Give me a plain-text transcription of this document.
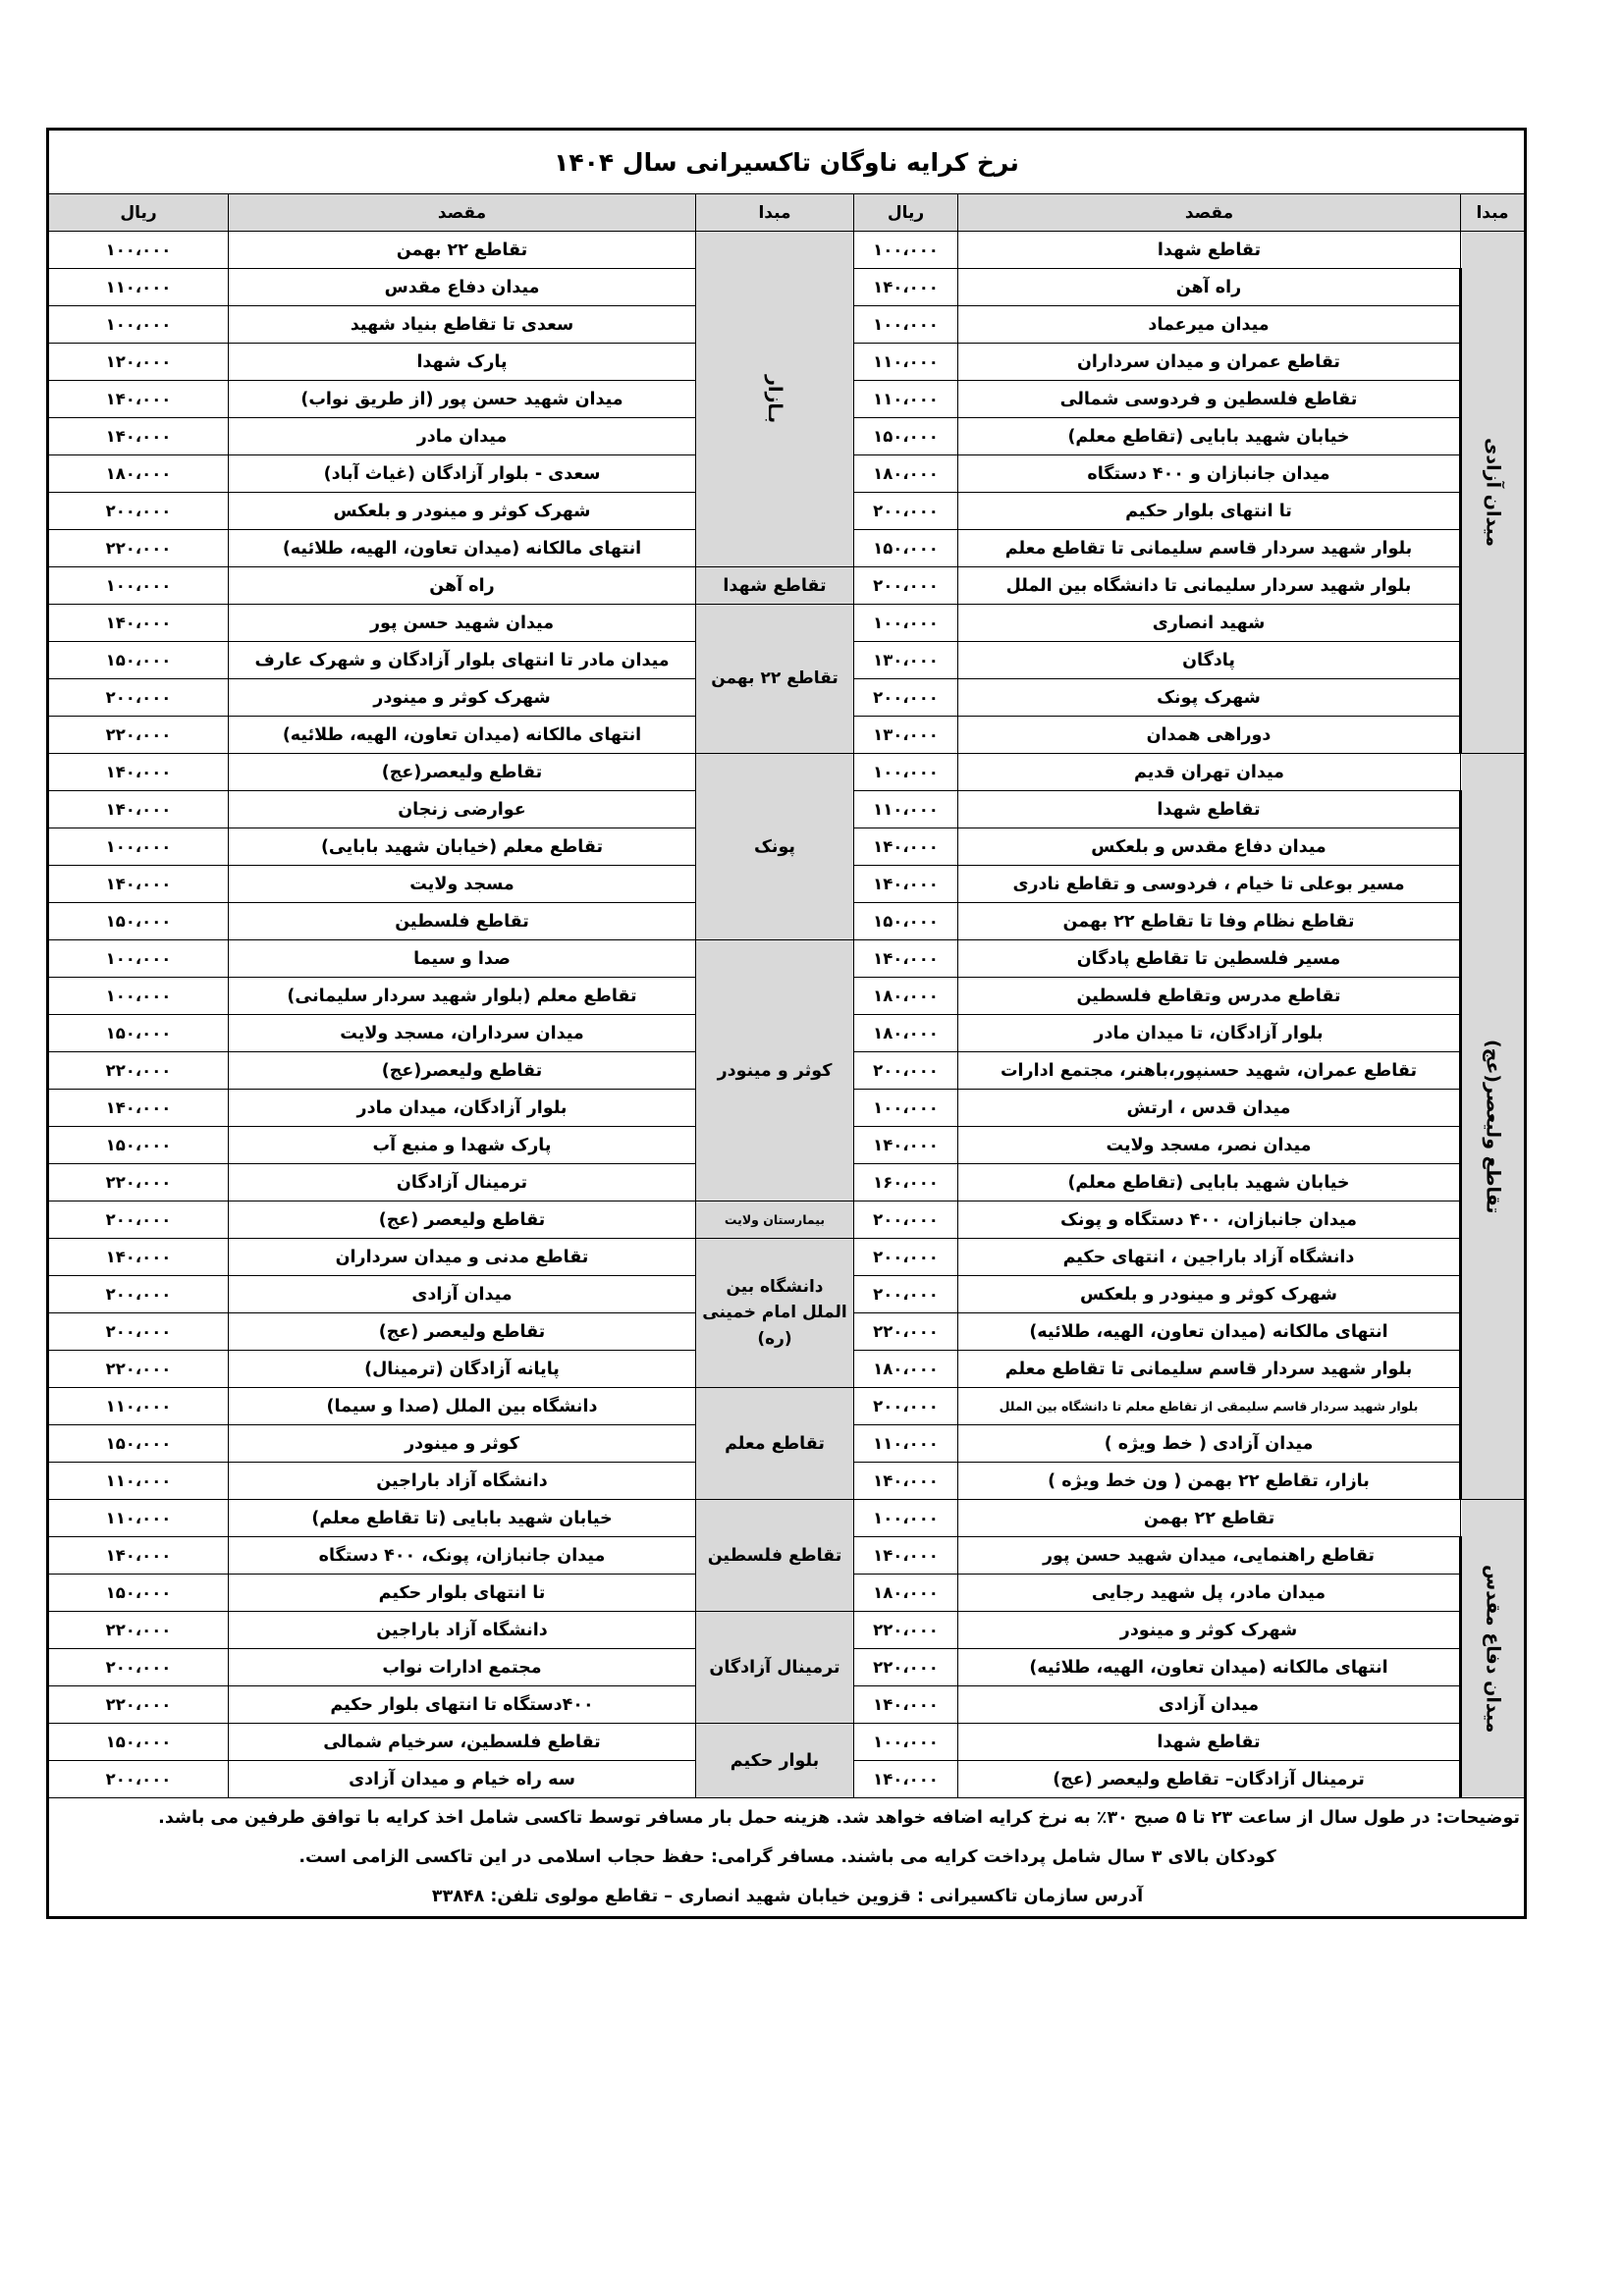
نرخ کرایه ناوگان تاکسیرانی سال ۱۴۰۴					
مبدا	مقصد	ریال	مبدا	مقصد	ریال
میدان آزادی	تقاطع شهدا	۱۰۰،۰۰۰	بـازار	تقاطع ۲۲ بهمن	۱۰۰،۰۰۰
	راه آهن	۱۴۰،۰۰۰		میدان دفاع مقدس	۱۱۰،۰۰۰
	میدان میرعماد	۱۰۰،۰۰۰		سعدی تا تقاطع بنیاد شهید	۱۰۰،۰۰۰
	تقاطع عمران و میدان سرداران	۱۱۰،۰۰۰		پارک شهدا	۱۲۰،۰۰۰
	تقاطع فلسطین و فردوسی شمالی	۱۱۰،۰۰۰		میدان شهید حسن پور (از طریق نواب)	۱۴۰،۰۰۰
	خیابان شهید بابایی (تقاطع معلم)	۱۵۰،۰۰۰		میدان مادر	۱۴۰،۰۰۰
	میدان جانبازان و ۴۰۰ دستگاه	۱۸۰،۰۰۰		سعدی - بلوار آزادگان (غیاث آباد)	۱۸۰،۰۰۰
	تا انتهای بلوار حکیم	۲۰۰،۰۰۰		شهرک کوثر و مینودر و بلعکس	۲۰۰،۰۰۰
	بلوار شهید سردار قاسم سلیمانی تا تقاطع معلم	۱۵۰،۰۰۰		انتهای مالکانه (میدان تعاون، الهیه، طلائیه)	۲۲۰،۰۰۰
	بلوار شهید سردار سلیمانی تا دانشگاه بین الملل	۲۰۰،۰۰۰	تقاطع شهدا	راه آهن	۱۰۰،۰۰۰
	شهید انصاری	۱۰۰،۰۰۰	تقاطع ۲۲ بهمن	میدان شهید حسن پور	۱۴۰،۰۰۰
	پادگان	۱۳۰،۰۰۰		میدان مادر تا انتهای بلوار آزادگان و شهرک عارف	۱۵۰،۰۰۰
	شهرک پونک	۲۰۰،۰۰۰		شهرک کوثر و مینودر	۲۰۰،۰۰۰
	دوراهی همدان	۱۳۰،۰۰۰		انتهای مالکانه (میدان تعاون، الهیه، طلائیه)	۲۲۰،۰۰۰
تقاطع ولیعصر(عج)	میدان تهران قدیم	۱۰۰،۰۰۰	پونک	تقاطع ولیعصر(عج)	۱۴۰،۰۰۰
	تقاطع شهدا	۱۱۰،۰۰۰		عوارضی زنجان	۱۴۰،۰۰۰
	میدان دفاع مقدس و بلعکس	۱۴۰،۰۰۰		تقاطع معلم (خیابان شهید بابایی)	۱۰۰،۰۰۰
	مسیر بوعلی تا خیام ، فردوسی و تقاطع نادری	۱۴۰،۰۰۰		مسجد ولایت	۱۴۰،۰۰۰
	تقاطع نظام وفا تا تقاطع ۲۲ بهمن	۱۵۰،۰۰۰		تقاطع فلسطین	۱۵۰،۰۰۰
	مسیر فلسطین تا تقاطع پادگان	۱۴۰،۰۰۰	کوثر و مینودر	صدا و سیما	۱۰۰،۰۰۰
	تقاطع مدرس وتقاطع فلسطین	۱۸۰،۰۰۰		تقاطع معلم (بلوار شهید سردار سلیمانی)	۱۰۰،۰۰۰
	بلوار آزادگان، تا میدان مادر	۱۸۰،۰۰۰		میدان سرداران، مسجد ولایت	۱۵۰،۰۰۰
	تقاطع عمران، شهید حسنپور،باهنر، مجتمع ادارات	۲۰۰،۰۰۰		تقاطع ولیعصر(عج)	۲۲۰،۰۰۰
	میدان قدس ، ارتش	۱۰۰،۰۰۰		بلوار آزادگان، میدان مادر	۱۴۰،۰۰۰
	میدان نصر، مسجد ولایت	۱۴۰،۰۰۰		پارک شهدا و منبع آب	۱۵۰،۰۰۰
	خیابان شهید بابایی (تقاطع معلم)	۱۶۰،۰۰۰		ترمینال آزادگان	۲۲۰،۰۰۰
	میدان جانبازان، ۴۰۰ دستگاه و پونک	۲۰۰،۰۰۰	بیمارستان ولایت	تقاطع ولیعصر (عج)	۲۰۰،۰۰۰
	دانشگاه آزاد باراجین ، انتهای حکیم	۲۰۰،۰۰۰	دانشگاه بین الملل امام خمینی (ره)	تقاطع مدنی و میدان سرداران	۱۴۰،۰۰۰
	شهرک کوثر و مینودر و بلعکس	۲۰۰،۰۰۰		میدان آزادی	۲۰۰،۰۰۰
	انتهای مالکانه (میدان تعاون، الهیه، طلائیه)	۲۲۰،۰۰۰		تقاطع ولیعصر (عج)	۲۰۰،۰۰۰
	بلوار شهید سردار قاسم سلیمانی تا تقاطع معلم	۱۸۰،۰۰۰		پایانه آزادگان (ترمینال)	۲۲۰،۰۰۰
	بلوار شهید سردار قاسم سلیمقی از تقاطع معلم تا دانشگاه بین الملل	۲۰۰،۰۰۰	تقاطع معلم	دانشگاه بین الملل (صدا و سیما)	۱۱۰،۰۰۰
	میدان آزادی ( خط ویژه )	۱۱۰،۰۰۰		کوثر و مینودر	۱۵۰،۰۰۰
	بازار، تقاطع ۲۲ بهمن ( ون خط ویژه )	۱۴۰،۰۰۰		دانشگاه آزاد باراجین	۱۱۰،۰۰۰
میدان دفاع مقدس	تقاطع ۲۲ بهمن	۱۰۰،۰۰۰	تقاطع فلسطین	خیابان شهید بابایی (تا تقاطع معلم)	۱۱۰،۰۰۰
	تقاطع راهنمایی، میدان شهید حسن پور	۱۴۰،۰۰۰		میدان جانبازان، پونک، ۴۰۰ دستگاه	۱۴۰،۰۰۰
	میدان مادر، پل شهید رجایی	۱۸۰،۰۰۰		تا انتهای بلوار حکیم	۱۵۰،۰۰۰
	شهرک کوثر و مینودر	۲۲۰،۰۰۰	ترمینال آزادگان	دانشگاه آزاد باراجین	۲۲۰،۰۰۰
	انتهای مالکانه (میدان تعاون، الهیه، طلائیه)	۲۲۰،۰۰۰		مجتمع ادارات نواب	۲۰۰،۰۰۰
	میدان آزادی	۱۴۰،۰۰۰		۴۰۰دستگاه تا انتهای بلوار حکیم	۲۲۰،۰۰۰
	تقاطع شهدا	۱۰۰،۰۰۰	بلوار حکیم	تقاطع فلسطین، سرخیام شمالی	۱۵۰،۰۰۰
	ترمینال آزادگان– تقاطع ولیعصر (عج)	۱۴۰،۰۰۰		سه راه خیام و میدان آزادی	۲۰۰،۰۰۰
توضیحات: در طول سال از ساعت ۲۳ تا ۵ صبح ۳۰٪ به نرخ کرایه اضافه خواهد شد. هزینه حمل بار مسافر توسط تاکسی شامل اخذ کرایه با توافق طرفین می باشد.					
کودکان بالای ۳ سال شامل پرداخت کرایه می باشند. مسافر گرامی: حفظ حجاب اسلامی در این تاکسی الزامی است.					
آدرس سازمان تاکسیرانی : قزوین خیابان شهید انصاری – تقاطع مولوی تلفن: ۳۳۸۴۸					
